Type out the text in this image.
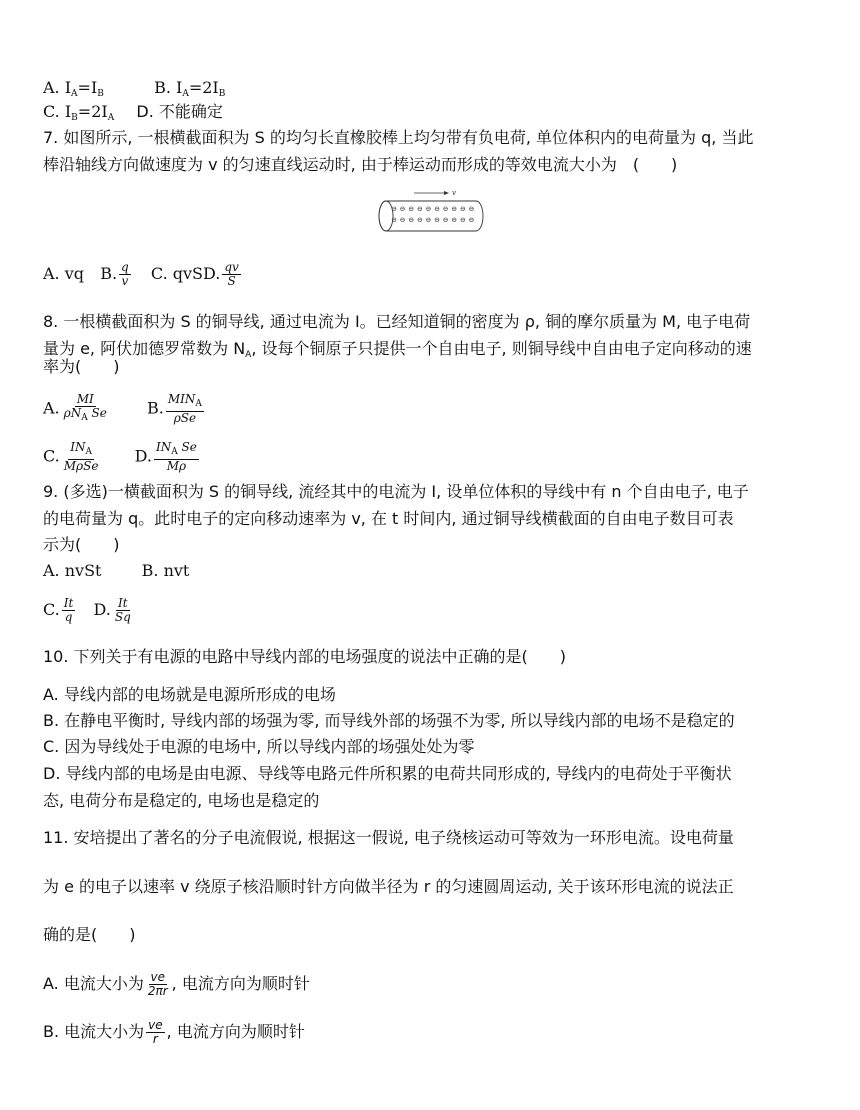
A. $I_A=I_B$	B. $I_A=2I_B$
C. $I_B=2I_A$ D. 不能确定
7. 如图所示, 一根横截面积为 S 的均匀长直橡胶棒上均匀带有负电荷, 单位体积内的电荷量为 q, 当此
棒沿轴线方向做速度为 v 的匀速直线运动时, 由于棒运动而形成的等效电流大小为　(　　)
v
⊖ ⊖ ⊖ ⊖ ⊖ ⊖ ⊖ ⊖ ⊖ ⊖
⊖ ⊖ ⊖ ⊖ ⊖ ⊖ ⊖ ⊖ ⊖ ⊖
A. vq B. $\frac{q}{v} C$. qvSD. $\frac{qv}{S}$
8. 一根横截面积为 S 的铜导线, 通过电流为 I。已经知道铜的密度为 ρ, 铜的摩尔质量为 M, 电子电荷
量为 e, 阿伏加德罗常数为 $N_A$, 设每个铜原子只提供一个自由电子, 则铜导线中自由电子定向移动的速
率为(　　)
A. $\frac{MI}{\rho N_A Se} B$. $\frac{MIN_A}{\text{ρSe}}$
C. $\frac{IN_A}{\text{MρSe}} D$. $\frac{IN_A Se}{M\rho}$
9. (多选)一横截面积为 S 的铜导线, 流经其中的电流为 I, 设单位体积的导线中有 n 个自由电子, 电子
的电荷量为 q。此时电子的定向移动速率为 v, 在 t 时间内, 通过铜导线横截面的自由电子数目可表
示为(　　)
A. nvSt	B. nvt
C. $\frac{It}{q} D$. $\frac{It}{Sq}$
10. 下列关于有电源的电路中导线内部的电场强度的说法中正确的是(　　)
A. 导线内部的电场就是电源所形成的电场
B. 在静电平衡时, 导线内部的场强为零, 而导线外部的场强不为零, 所以导线内部的电场不是稳定的
C. 因为导线处于电源的电场中, 所以导线内部的场强处处为零
D. 导线内部的电场是由电源、导线等电路元件所积累的电荷共同形成的, 导线内的电荷处于平衡状
态, 电荷分布是稳定的, 电场也是稳定的
11. 安培提出了著名的分子电流假说, 根据这一假说, 电子绕核运动可等效为一环形电流。设电荷量
为 e 的电子以速率 v 绕原子核沿顺时针方向做半径为 r 的匀速圆周运动, 关于该环形电流的说法正
确的是(　　)
A. 电流大小为 $\frac{ve}{2\pi r}$ , 电流方向为顺时针
B. 电流大小为 $\frac{ve}{r}$ , 电流方向为顺时针
